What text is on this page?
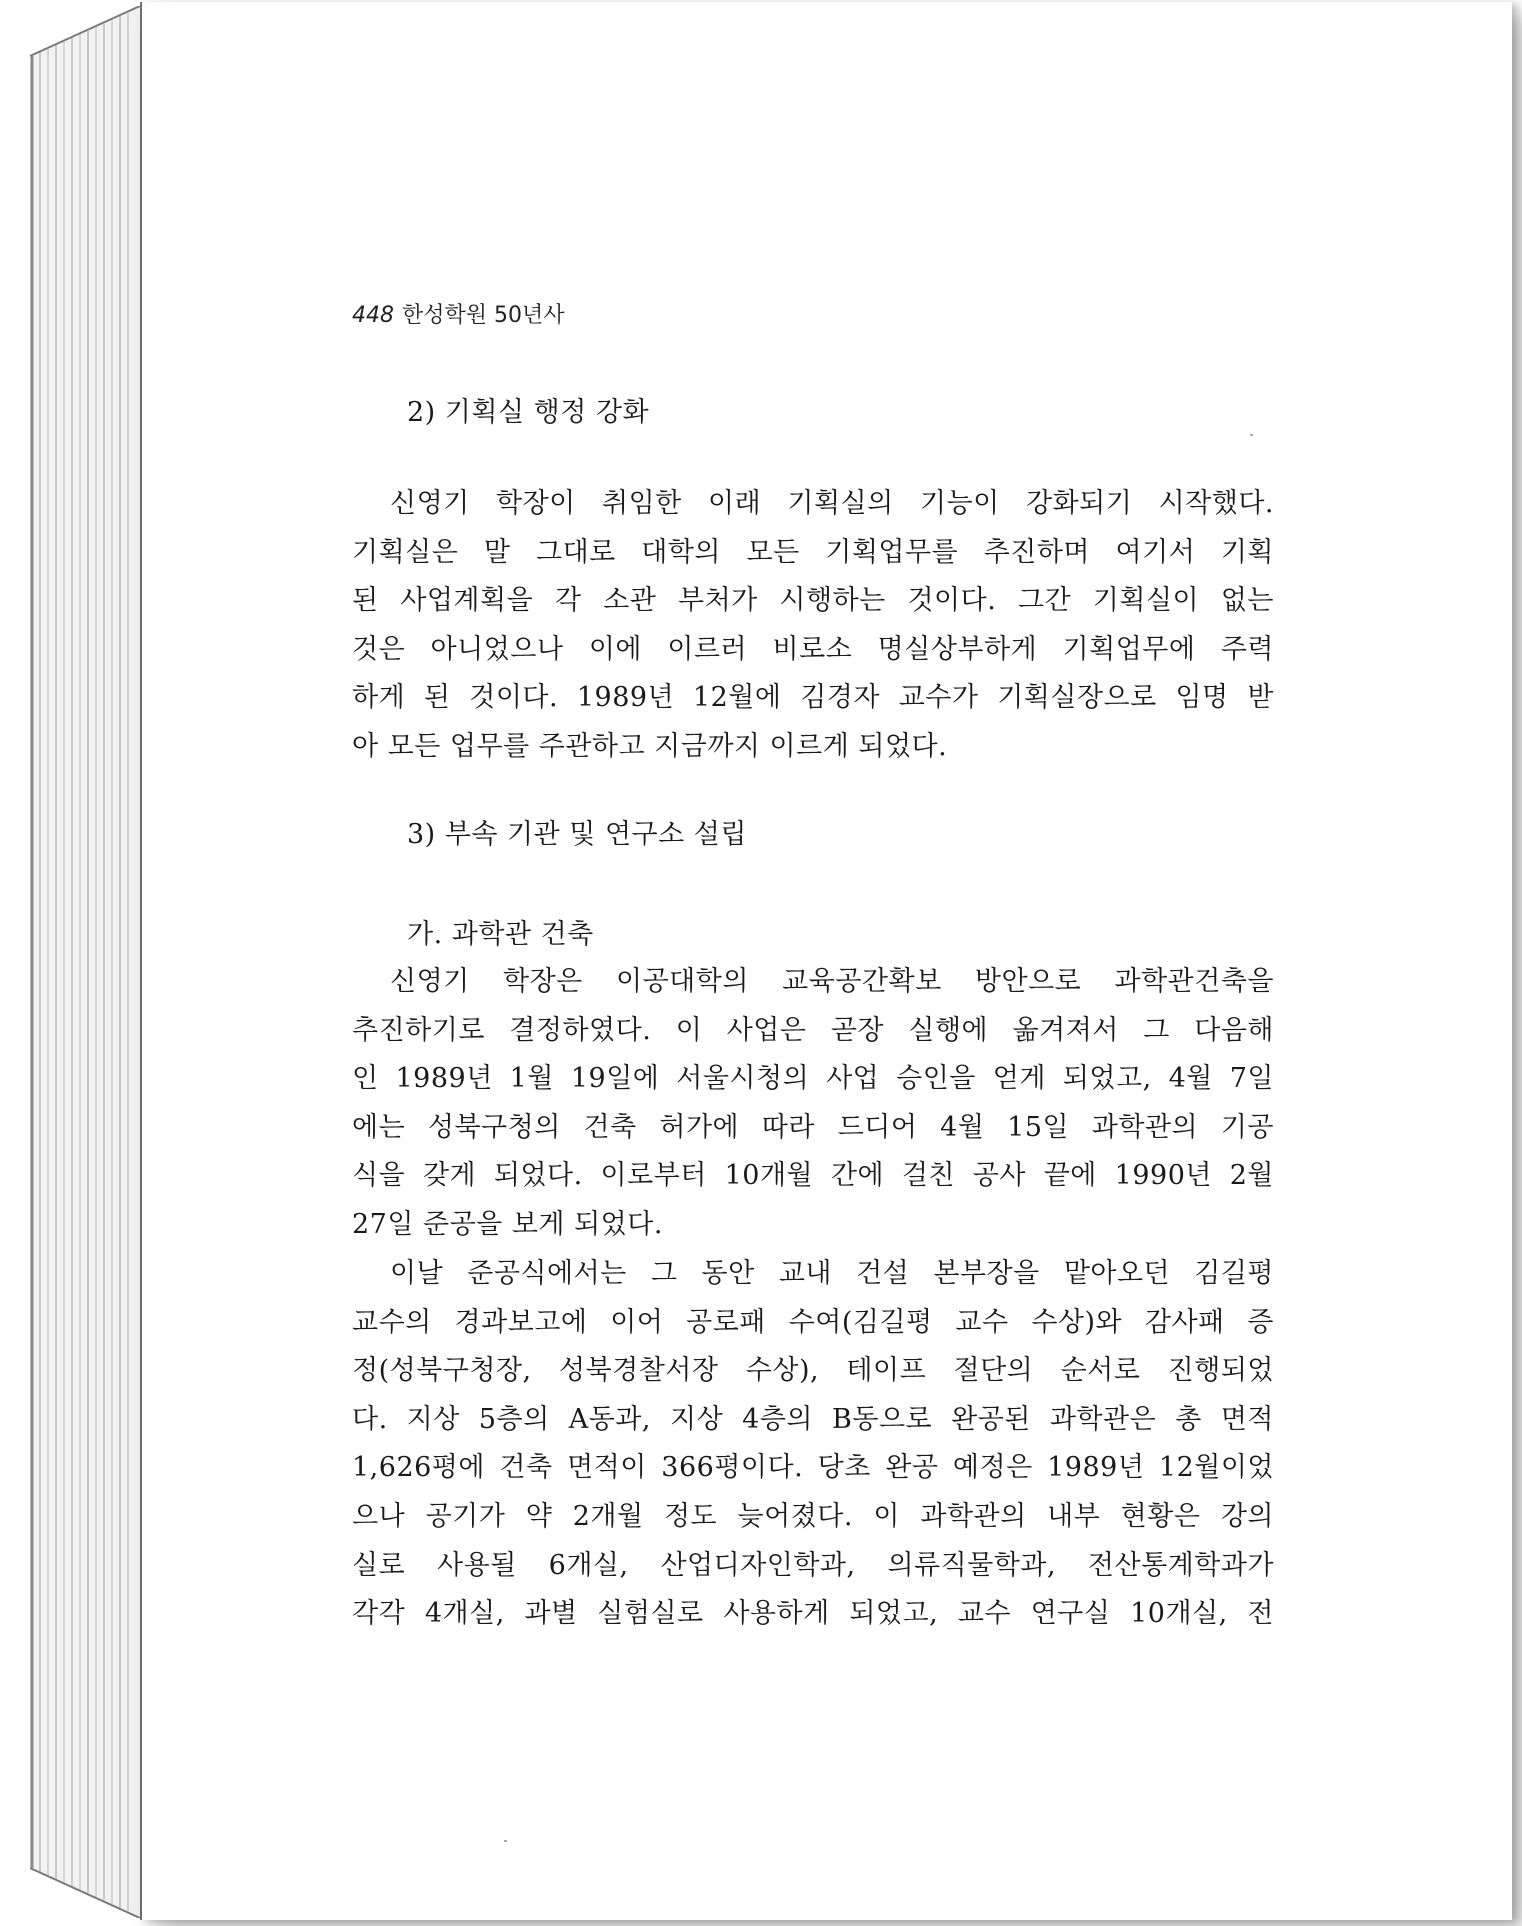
448 한성학원 50년사
2) 기획실 행정 강화
신영기 학장이 취임한 이래 기획실의 기능이 강화되기 시작했다.
기획실은 말 그대로 대학의 모든 기획업무를 추진하며 여기서 기획
된 사업계획을 각 소관 부처가 시행하는 것이다. 그간 기획실이 없는
것은 아니었으나 이에 이르러 비로소 명실상부하게 기획업무에 주력
하게 된 것이다. 1989년 12월에 김경자 교수가 기획실장으로 임명 받
아 모든 업무를 주관하고 지금까지 이르게 되었다.
3) 부속 기관 및 연구소 설립
가. 과학관 건축
신영기 학장은 이공대학의 교육공간확보 방안으로 과학관건축을
추진하기로 결정하였다. 이 사업은 곧장 실행에 옮겨져서 그 다음해
인 1989년 1월 19일에 서울시청의 사업 승인을 얻게 되었고, 4월 7일
에는 성북구청의 건축 허가에 따라 드디어 4월 15일 과학관의 기공
식을 갖게 되었다. 이로부터 10개월 간에 걸친 공사 끝에 1990년 2월
27일 준공을 보게 되었다.
이날 준공식에서는 그 동안 교내 건설 본부장을 맡아오던 김길평
교수의 경과보고에 이어 공로패 수여(김길평 교수 수상)와 감사패 증
정(성북구청장, 성북경찰서장 수상), 테이프 절단의 순서로 진행되었
다. 지상 5층의 A동과, 지상 4층의 B동으로 완공된 과학관은 총 면적
1,626평에 건축 면적이 366평이다. 당초 완공 예정은 1989년 12월이었
으나 공기가 약 2개월 정도 늦어졌다. 이 과학관의 내부 현황은 강의
실로 사용될 6개실, 산업디자인학과, 의류직물학과, 전산통계학과가
각각 4개실, 과별 실험실로 사용하게 되었고, 교수 연구실 10개실, 전
